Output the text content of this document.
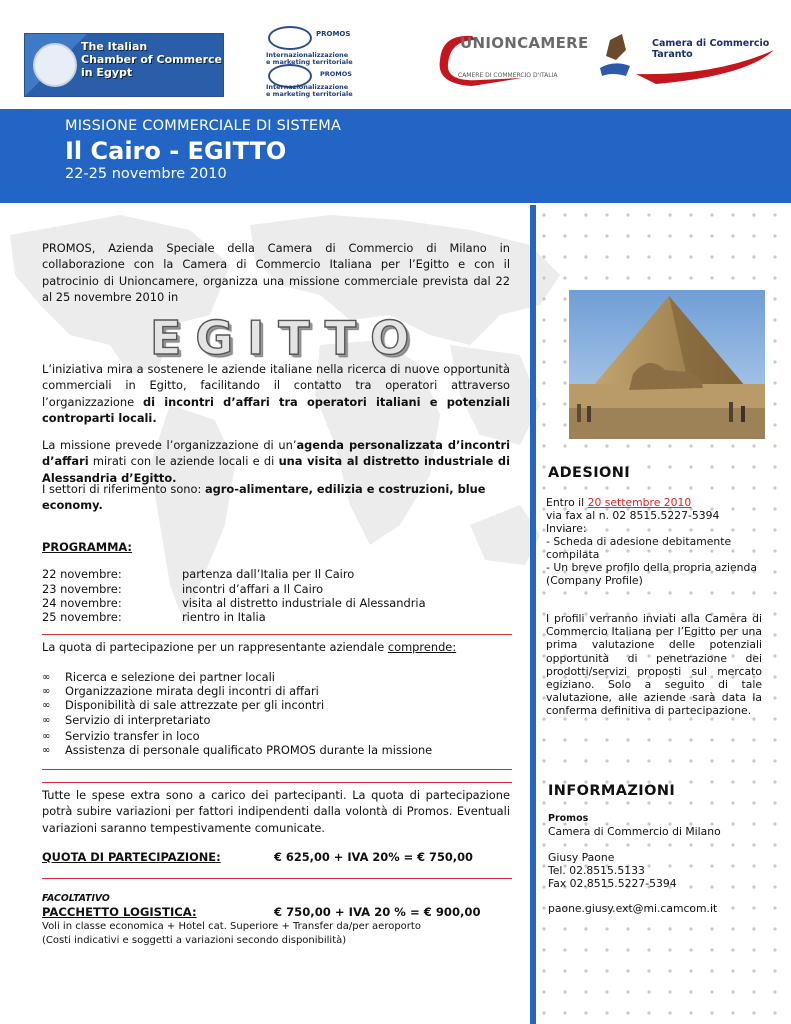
The Italian
Chamber of Commerce
in Egypt
PROMOS
Internazionalizzazione
e marketing territoriale
PROMOS
Internazionalizzazione
e marketing territoriale
UNIONCAMERE
CAMERE DI COMMERCIO D'ITALIA
Camera di Commercio
Taranto
MISSIONE COMMERCIALE DI SISTEMA
Il Cairo - EGITTO
22-25 novembre 2010
ADESIONI
Entro il 20 settembre 2010
via fax al n. 02 8515.5227-5394
Inviare:
- Scheda di adesione debitamente compilata
- Un breve profilo della propria azienda (Company Profile)
I profili verranno inviati alla Camera di Commercio Italiana per l’Egitto per una prima valutazione delle potenziali opportunità di penetrazione dei prodotti/servizi proposti sul mercato egiziano. Solo a seguito di tale valutazione, alle aziende sarà data la conferma definitiva di partecipazione.
INFORMAZIONI
Promos
Camera di Commercio di Milano
Giusy Paone
Tel. 02.8515.5133
Fax 02.8515.5227-5394
paone.giusy.ext@mi.camcom.it
PROMOS, Azienda Speciale della Camera di Commercio di Milano in collaborazione con la Camera di Commercio Italiana per l’Egitto e con il patrocinio di Unioncamere, organizza una missione commerciale prevista dal 22 al 25 novembre 2010 in
EGITTO
L’iniziativa mira a sostenere le aziende italiane nella ricerca di nuove opportunità commerciali in Egitto, facilitando il contatto tra operatori attraverso l’organizzazione di incontri d’affari tra operatori italiani e potenziali controparti locali.
La missione prevede l’organizzazione di un’agenda personalizzata d’incontri d’affari mirati con le aziende locali e di una visita al distretto industriale di Alessandria d’Egitto.
I settori di riferimento sono: agro-alimentare, edilizia e costruzioni, blue economy.
PROGRAMMA:
22 novembre:	partenza dall’Italia per Il Cairo
23 novembre:	incontri d’affari a Il Cairo
24 novembre:	visita al distretto industriale di Alessandria
25 novembre:	rientro in Italia
La quota di partecipazione per un rappresentante aziendale comprende:
∞ Ricerca e selezione dei partner locali
∞ Organizzazione mirata degli incontri di affari
∞ Disponibilità di sale attrezzate per gli incontri
∞ Servizio di interpretariato
∞ Servizio transfer in loco
∞ Assistenza di personale qualificato PROMOS durante la missione
Tutte le spese extra sono a carico dei partecipanti. La quota di partecipazione potrà subire variazioni per fattori indipendenti dalla volontà di Promos. Eventuali variazioni saranno tempestivamente comunicate.
QUOTA DI PARTECIPAZIONE:	€ 625,00 + IVA 20% = € 750,00
FACOLTATIVO
PACCHETTO LOGISTICA:	€ 750,00 + IVA 20 % = € 900,00
Voli in classe economica + Hotel cat. Superiore + Transfer da/per aeroporto
(Costi indicativi e soggetti a variazioni secondo disponibilità)
